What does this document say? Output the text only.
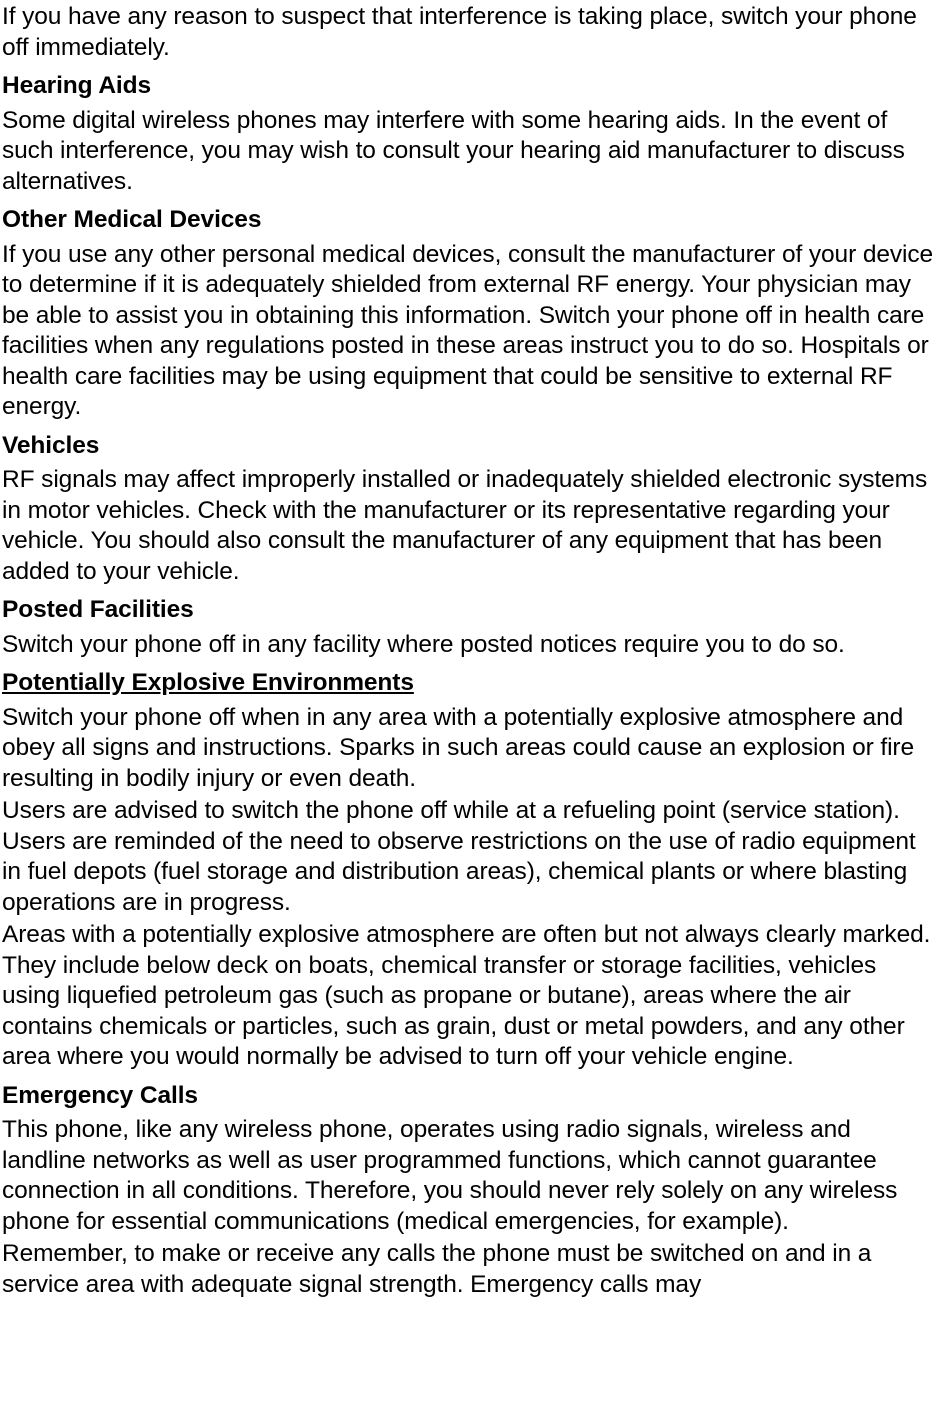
If you have any reason to suspect that interference is taking place, switch your phone off immediately.

Hearing Aids

Some digital wireless phones may interfere with some hearing aids. In the event of such interference, you may wish to consult your hearing aid manufacturer to discuss alternatives.

Other Medical Devices

If you use any other personal medical devices, consult the manufacturer of your device to determine if it is adequately shielded from external RF energy. Your physician may be able to assist you in obtaining this information. Switch your phone off in health care facilities when any regulations posted in these areas instruct you to do so. Hospitals or health care facilities may be using equipment that could be sensitive to external RF energy.

Vehicles

RF signals may affect improperly installed or inadequately shielded electronic systems in motor vehicles. Check with the manufacturer or its representative regarding your vehicle. You should also consult the manufacturer of any equipment that has been added to your vehicle.

Posted Facilities

Switch your phone off in any facility where posted notices require you to do so.

Potentially Explosive Environments

Switch your phone off when in any area with a potentially explosive atmosphere and obey all signs and instructions. Sparks in such areas could cause an explosion or fire resulting in bodily injury or even death.

Users are advised to switch the phone off while at a refueling point (service station). Users are reminded of the need to observe restrictions on the use of radio equipment in fuel depots (fuel storage and distribution areas), chemical plants or where blasting operations are in progress.

Areas with a potentially explosive atmosphere are often but not always clearly marked. They include below deck on boats, chemical transfer or storage facilities, vehicles using liquefied petroleum gas (such as propane or butane), areas where the air contains chemicals or particles, such as grain, dust or metal powders, and any other area where you would normally be advised to turn off your vehicle engine.

Emergency Calls

This phone, like any wireless phone, operates using radio signals, wireless and landline networks as well as user programmed functions, which cannot guarantee connection in all conditions. Therefore, you should never rely solely on any wireless phone for essential communications (medical emergencies, for example).

Remember, to make or receive any calls the phone must be switched on and in a service area with adequate signal strength. Emergency calls may
